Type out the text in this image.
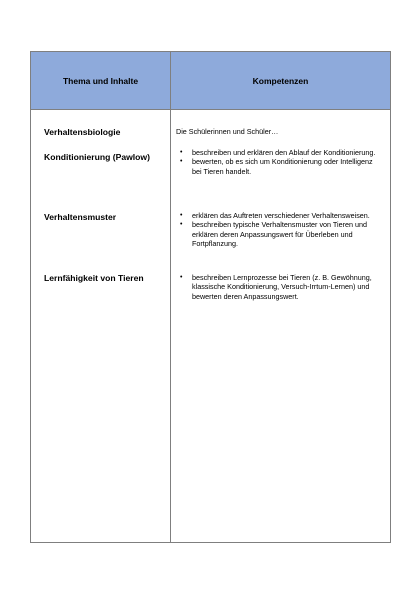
Thema und Inhalte	Kompetenzen
Verhaltensbiologie
Konditionierung (Pawlow)
Verhaltensmuster
Lernfähigkeit von Tieren
Die Schülerinnen und Schüler…
• beschreiben und erklären den Ablauf der Konditionierung.
• bewerten, ob es sich um Konditionierung oder Intelligenz bei Tieren handelt.
• erklären das Auftreten verschiedener Verhaltensweisen.
• beschreiben typische Verhaltensmuster von Tieren und erklären deren Anpassungswert für Überleben und Fortpflanzung.
• beschreiben Lernprozesse bei Tieren (z. B. Gewöhnung, klassische Konditionierung, Versuch-Irrtum-Lernen) und bewerten deren Anpassungswert.
